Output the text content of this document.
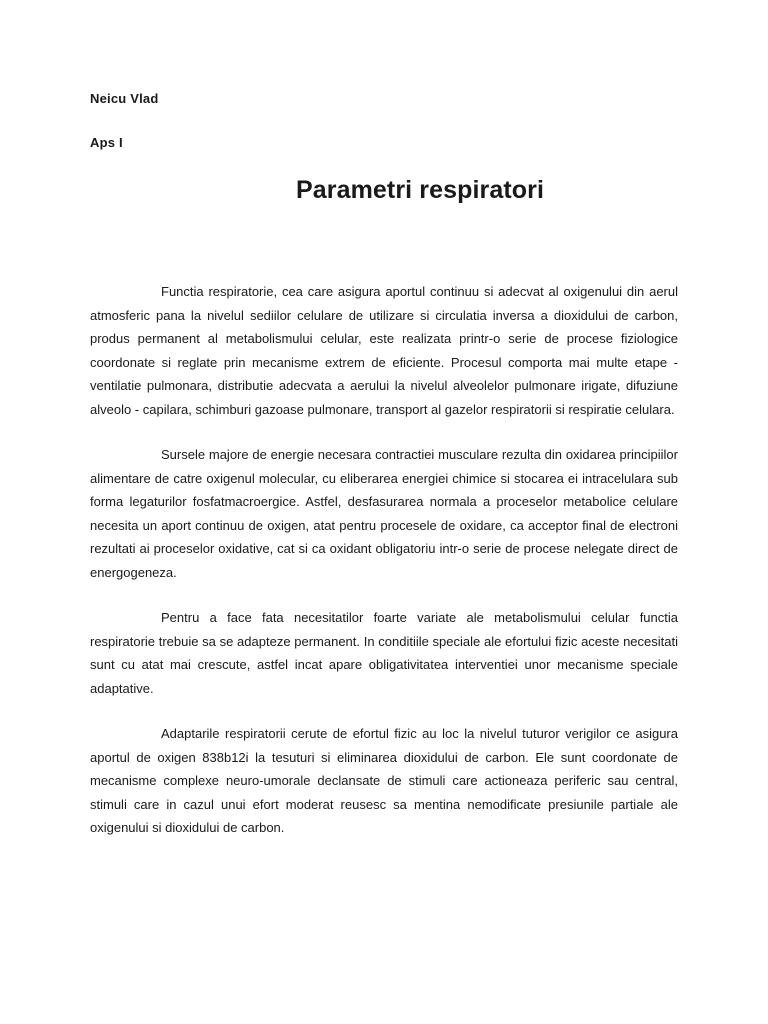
Neicu Vlad
Aps I
Parametri respiratori

Functia respiratorie, cea care asigura aportul continuu si adecvat al oxigenului din aerul atmosferic pana la nivelul sediilor celulare de utilizare si circulatia inversa a dioxidului de carbon, produs permanent al metabolismului celular, este realizata printr-o serie de procese fiziologice coordonate si reglate prin mecanisme extrem de eficiente. Procesul comporta mai multe etape - ventilatie pulmonara, distributie adecvata a aerului la nivelul alveolelor pulmonare irigate, difuziune alveolo - capilara, schimburi gazoase pulmonare, transport al gazelor respiratorii si respiratie celulara.

Sursele majore de energie necesara contractiei musculare rezulta din oxidarea principiilor alimentare de catre oxigenul molecular, cu eliberarea energiei chimice si stocarea ei intracelulara sub forma legaturilor fosfatmacroergice. Astfel, desfasurarea normala a proceselor metabolice celulare necesita un aport continuu de oxigen, atat pentru procesele de oxidare, ca acceptor final de electroni rezultati ai proceselor oxidative, cat si ca oxidant obligatoriu intr-o serie de procese nelegate direct de energogeneza.

Pentru a face fata necesitatilor foarte variate ale metabolismului celular functia respiratorie trebuie sa se adapteze permanent. In conditiile speciale ale efortului fizic aceste necesitati sunt cu atat mai crescute, astfel incat apare obligativitatea interventiei unor mecanisme speciale adaptative.

Adaptarile respiratorii cerute de efortul fizic au loc la nivelul tuturor verigilor ce asigura aportul de oxigen 838b12i la tesuturi si eliminarea dioxidului de carbon. Ele sunt coordonate de mecanisme complexe neuro-umorale declansate de stimuli care actioneaza periferic sau central, stimuli care in cazul unui efort moderat reusesc sa mentina nemodificate presiunile partiale ale oxigenului si dioxidului de carbon.
